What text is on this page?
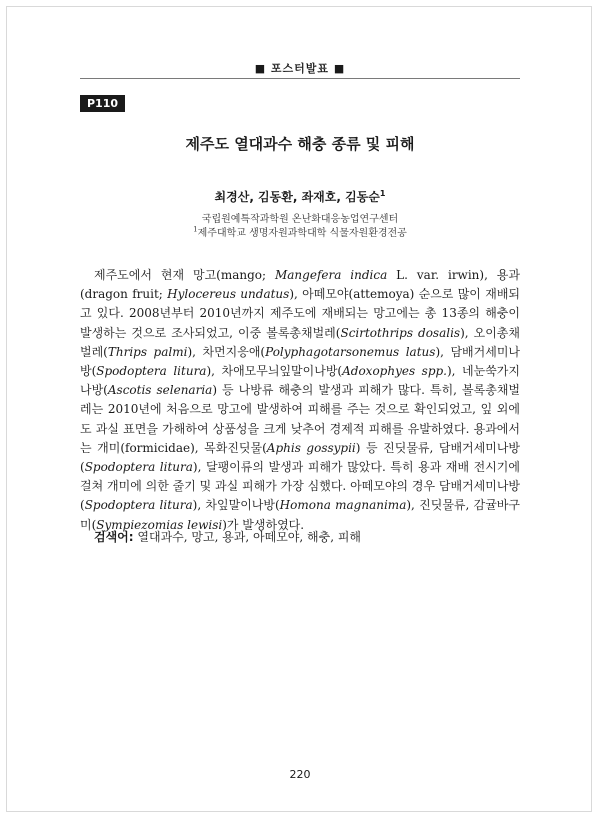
■ 포스터발표 ■
P110
제주도 열대과수 해충 종류 및 피해
최경산, 김동환, 좌재호, 김동순$^1$
국립원예특작과학원 온난화대응농업연구센터
$^1$제주대학교 생명자원과학대학 식물자원환경전공

제주도에서 현재 망고(mango; Mangefera indica L. var. irwin), 용과(dragon fruit; Hylocereus undatus), 아떼모야(attemoya) 순으로 많이 재배되고 있다. 2008년부터 2010년까지 제주도에 재배되는 망고에는 총 13종의 해충이 발생하는 것으로 조사되었고, 이중 볼록총채벌레(Scirtothrips dosalis), 오이총채벌레(Thrips palmi), 차먼지응애(Polyphagotarsonemus latus), 담배거세미나방(Spodoptera litura), 차애모무늬잎말이나방(Adoxophyes spp.), 네눈쑥가지나방(Ascotis selenaria) 등 나방류 해충의 발생과 피해가 많다. 특히, 볼록총채벌레는 2010년에 처음으로 망고에 발생하여 피해를 주는 것으로 확인되었고, 잎 외에도 과실 표면을 가해하여 상품성을 크게 낮추어 경제적 피해를 유발하였다. 용과에서는 개미(formicidae), 목화진딧물(Aphis gossypii) 등 진딧물류, 담배거세미나방(Spodoptera litura), 달팽이류의 발생과 피해가 많았다. 특히 용과 재배 전시기에 걸쳐 개미에 의한 줄기 및 과실 피해가 가장 심했다. 아떼모야의 경우 담배거세미나방(Spodoptera litura), 차잎말이나방(Homona magnanima), 진딧물류, 감귤바구미(Sympiezomias lewisi)가 발생하였다.

검색어: 열대과수, 망고, 용과, 아떼모야, 해충, 피해
220
